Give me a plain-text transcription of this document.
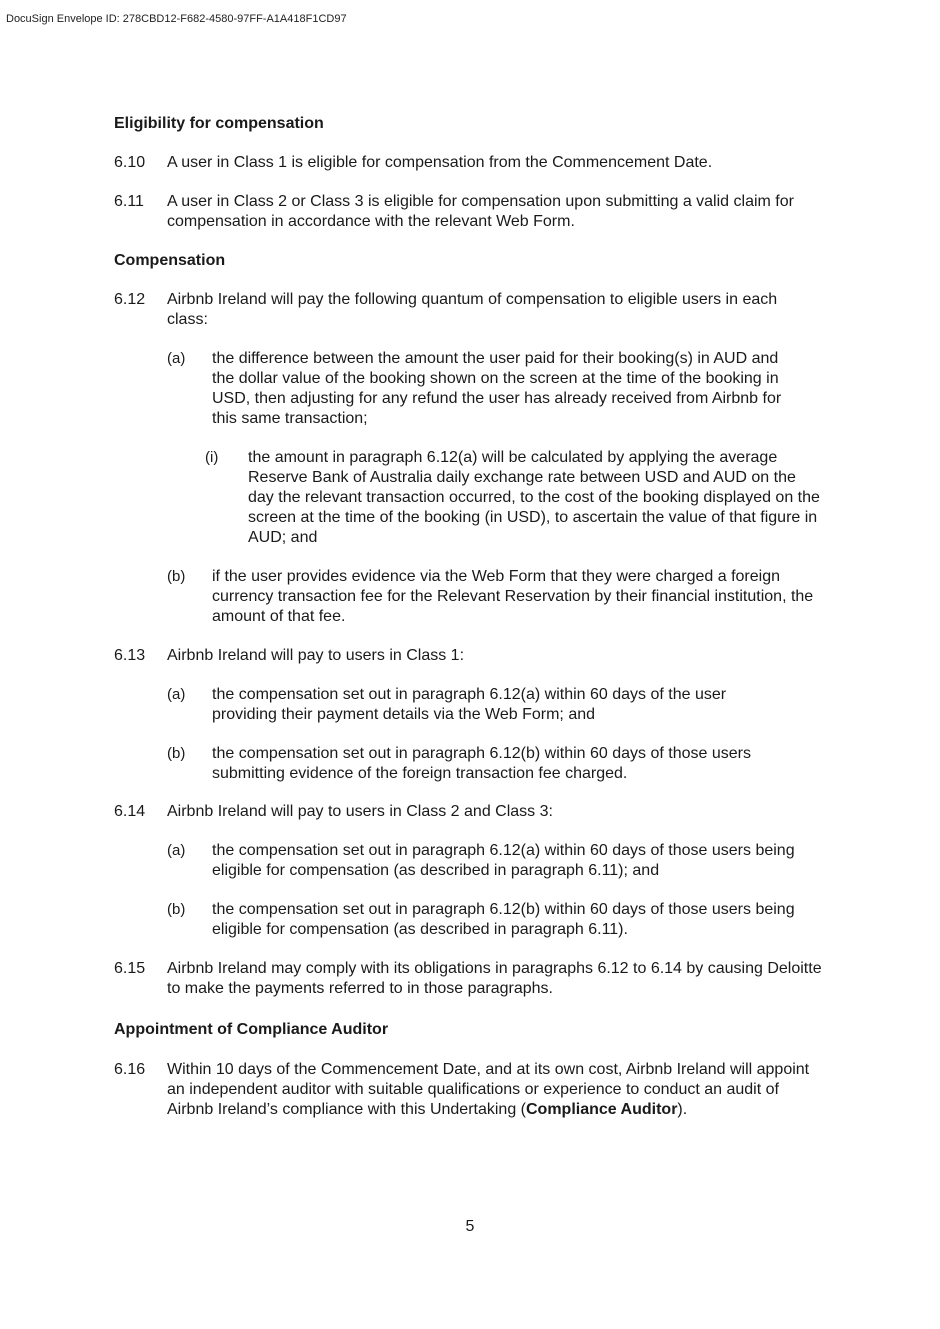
DocuSign Envelope ID: 278CBD12-F682-4580-97FF-A1A418F1CD97
Eligibility for compensation
6.10 A user in Class 1 is eligible for compensation from the Commencement Date.
6.11 A user in Class 2 or Class 3 is eligible for compensation upon submitting a valid claim for compensation in accordance with the relevant Web Form.
Compensation
6.12 Airbnb Ireland will pay the following quantum of compensation to eligible users in each class:
(a) the difference between the amount the user paid for their booking(s) in AUD and the dollar value of the booking shown on the screen at the time of the booking in USD, then adjusting for any refund the user has already received from Airbnb for this same transaction;
(i) the amount in paragraph 6.12(a) will be calculated by applying the average Reserve Bank of Australia daily exchange rate between USD and AUD on the day the relevant transaction occurred, to the cost of the booking displayed on the screen at the time of the booking (in USD), to ascertain the value of that figure in AUD; and
(b) if the user provides evidence via the Web Form that they were charged a foreign currency transaction fee for the Relevant Reservation by their financial institution, the amount of that fee.
6.13 Airbnb Ireland will pay to users in Class 1:
(a) the compensation set out in paragraph 6.12(a) within 60 days of the user providing their payment details via the Web Form; and
(b) the compensation set out in paragraph 6.12(b) within 60 days of those users submitting evidence of the foreign transaction fee charged.
6.14 Airbnb Ireland will pay to users in Class 2 and Class 3:
(a) the compensation set out in paragraph 6.12(a) within 60 days of those users being eligible for compensation (as described in paragraph 6.11); and
(b) the compensation set out in paragraph 6.12(b) within 60 days of those users being eligible for compensation (as described in paragraph 6.11).
6.15 Airbnb Ireland may comply with its obligations in paragraphs 6.12 to 6.14 by causing Deloitte to make the payments referred to in those paragraphs.
Appointment of Compliance Auditor
6.16 Within 10 days of the Commencement Date, and at its own cost, Airbnb Ireland will appoint an independent auditor with suitable qualifications or experience to conduct an audit of Airbnb Ireland’s compliance with this Undertaking (Compliance Auditor).
5
